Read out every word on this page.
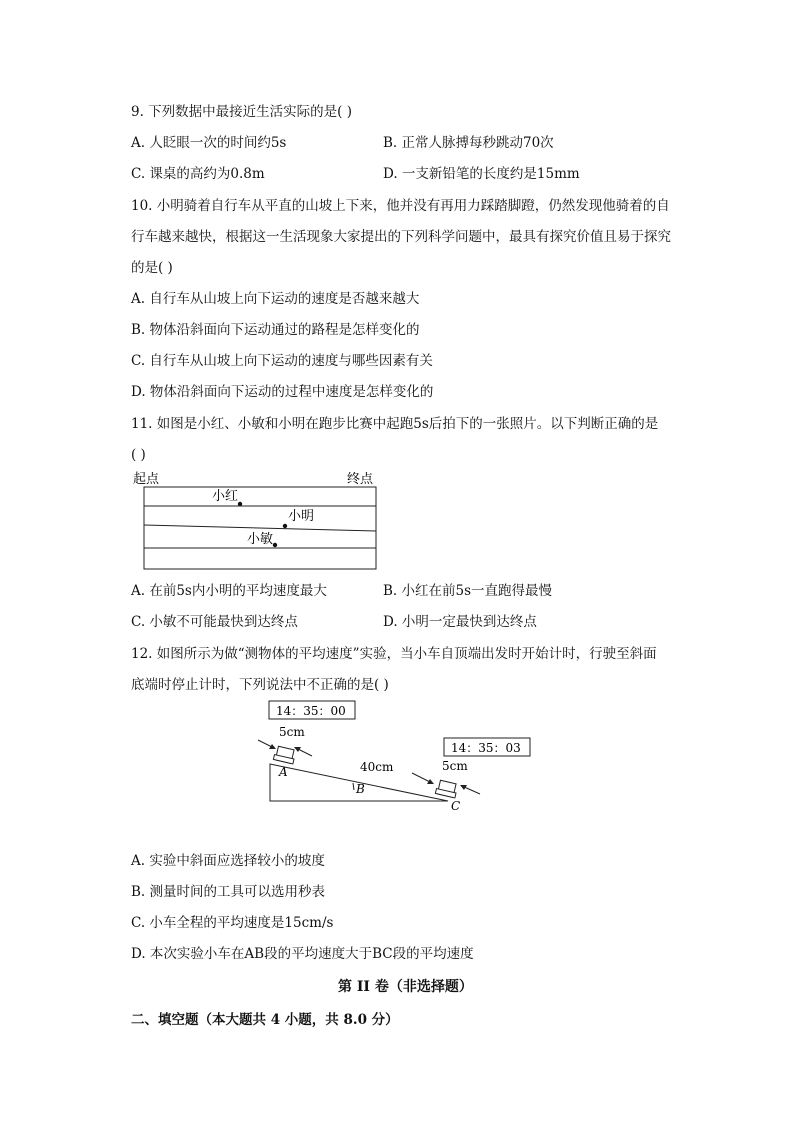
9. 下列数据中最接近生活实际的是( )
A. 人眨眼一次的时间约5s	B. 正常人脉搏每秒跳动70次
C. 课桌的高约为0.8m	D. 一支新铅笔的长度约是15mm
10. 小明骑着自行车从平直的山坡上下来，他并没有再用力踩踏脚蹬，仍然发现他骑着的自
行车越来越快，根据这一生活现象大家提出的下列科学问题中，最具有探究价值且易于探究
的是( )
A. 自行车从山坡上向下运动的速度是否越来越大
B. 物体沿斜面向下运动通过的路程是怎样变化的
C. 自行车从山坡上向下运动的速度与哪些因素有关
D. 物体沿斜面向下运动的过程中速度是怎样变化的
11. 如图是小红、小敏和小明在跑步比赛中起跑5s后拍下的一张照片。以下判断正确的是
( )
起点	终点
小红
小明
小敏
A. 在前5s内小明的平均速度最大	B. 小红在前5s一直跑得最慢
C. 小敏不可能最快到达终点	D. 小明一定最快到达终点
12. 如图所示为做“测物体的平均速度”实验，当小车自顶端出发时开始计时，行驶至斜面
底端时停止计时，下列说法中不正确的是( )
14：35：00
14：35：03
5cm
A	40cm
B
5cm
C
A. 实验中斜面应选择较小的坡度
B. 测量时间的工具可以选用秒表
C. 小车全程的平均速度是15cm/s
D. 本次实验小车在AB段的平均速度大于BC段的平均速度
第 II 卷（非选择题）
二、填空题（本大题共 4 小题，共 8.0 分）
